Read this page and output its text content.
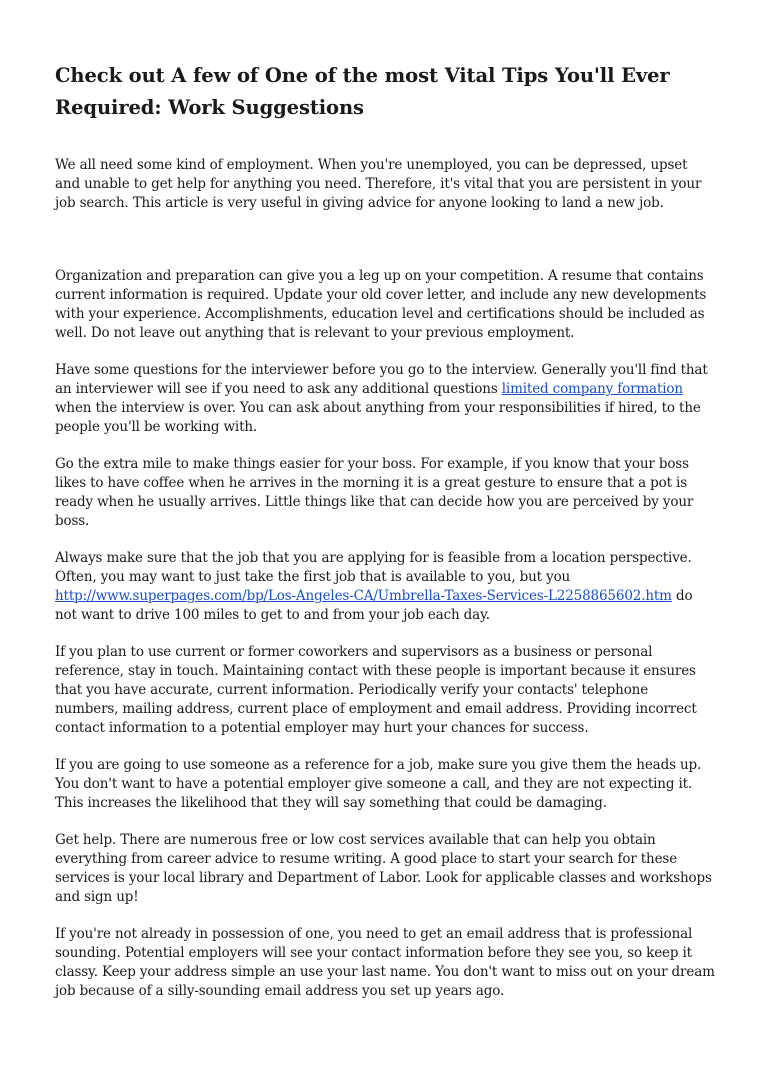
Check out A few of One of the most Vital Tips You'll Ever Required: Work Suggestions

We all need some kind of employment. When you're unemployed, you can be depressed, upset and unable to get help for anything you need. Therefore, it's vital that you are persistent in your job search. This article is very useful in giving advice for anyone looking to land a new job.

Organization and preparation can give you a leg up on your competition. A resume that contains current information is required. Update your old cover letter, and include any new developments with your experience. Accomplishments, education level and certifications should be included as well. Do not leave out anything that is relevant to your previous employment.

Have some questions for the interviewer before you go to the interview. Generally you'll find that an interviewer will see if you need to ask any additional questions limited company formation when the interview is over. You can ask about anything from your responsibilities if hired, to the people you'll be working with.

Go the extra mile to make things easier for your boss. For example, if you know that your boss likes to have coffee when he arrives in the morning it is a great gesture to ensure that a pot is ready when he usually arrives. Little things like that can decide how you are perceived by your boss.

Always make sure that the job that you are applying for is feasible from a location perspective. Often, you may want to just take the first job that is available to you, but you http://www.superpages.com/bp/Los-Angeles-CA/Umbrella-Taxes-Services-L2258865602.htm do not want to drive 100 miles to get to and from your job each day.

If you plan to use current or former coworkers and supervisors as a business or personal reference, stay in touch. Maintaining contact with these people is important because it ensures that you have accurate, current information. Periodically verify your contacts' telephone numbers, mailing address, current place of employment and email address. Providing incorrect contact information to a potential employer may hurt your chances for success.

If you are going to use someone as a reference for a job, make sure you give them the heads up. You don't want to have a potential employer give someone a call, and they are not expecting it. This increases the likelihood that they will say something that could be damaging.

Get help. There are numerous free or low cost services available that can help you obtain everything from career advice to resume writing. A good place to start your search for these services is your local library and Department of Labor. Look for applicable classes and workshops and sign up!

If you're not already in possession of one, you need to get an email address that is professional sounding. Potential employers will see your contact information before they see you, so keep it classy. Keep your address simple an use your last name. You don't want to miss out on your dream job because of a silly-sounding email address you set up years ago.
